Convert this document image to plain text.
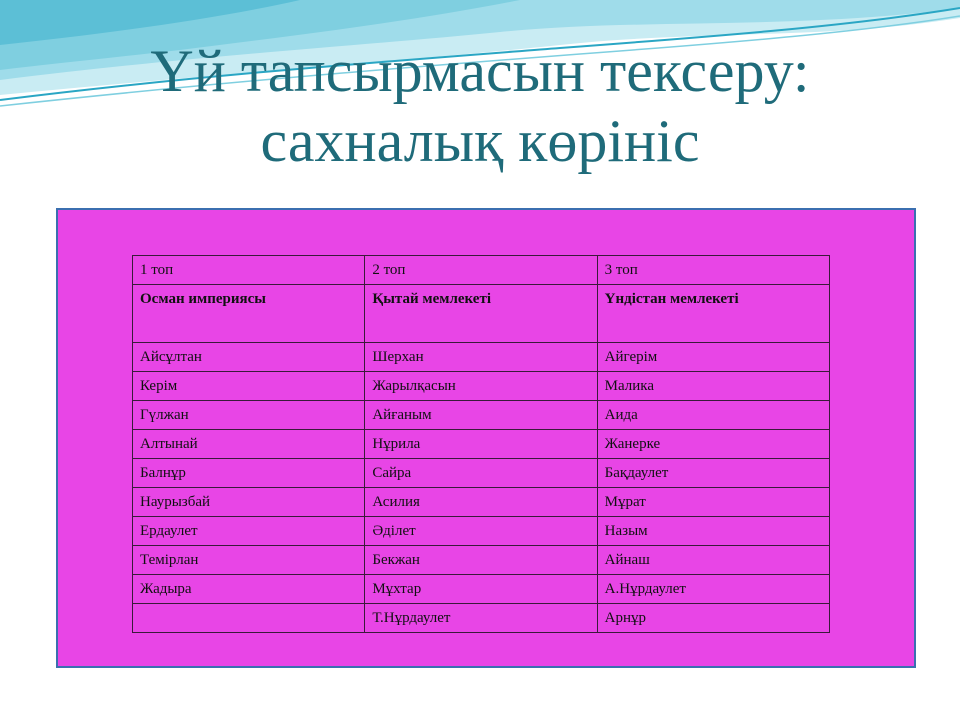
Үй тапсырмасын тексеру:
сахналық көрініс
1 топ	2 топ	3 топ
Осман империясы	Қытай мемлекеті	Үндістан мемлекеті
Айсұлтан	Шерхан	Айгерім
Керім	Жарылқасын	Малика
Гүлжан	Айғаным	Аида
Алтынай	Нұрила	Жанерке
Балнұр	Сайра	Бақдаулет
Наурызбай	Асилия	Мұрат
Ердаулет	Әділет	Назым
Темірлан	Бекжан	Айнаш
Жадыра	Мұхтар	А.Нұрдаулет
	Т.Нұрдаулет	Арнұр
